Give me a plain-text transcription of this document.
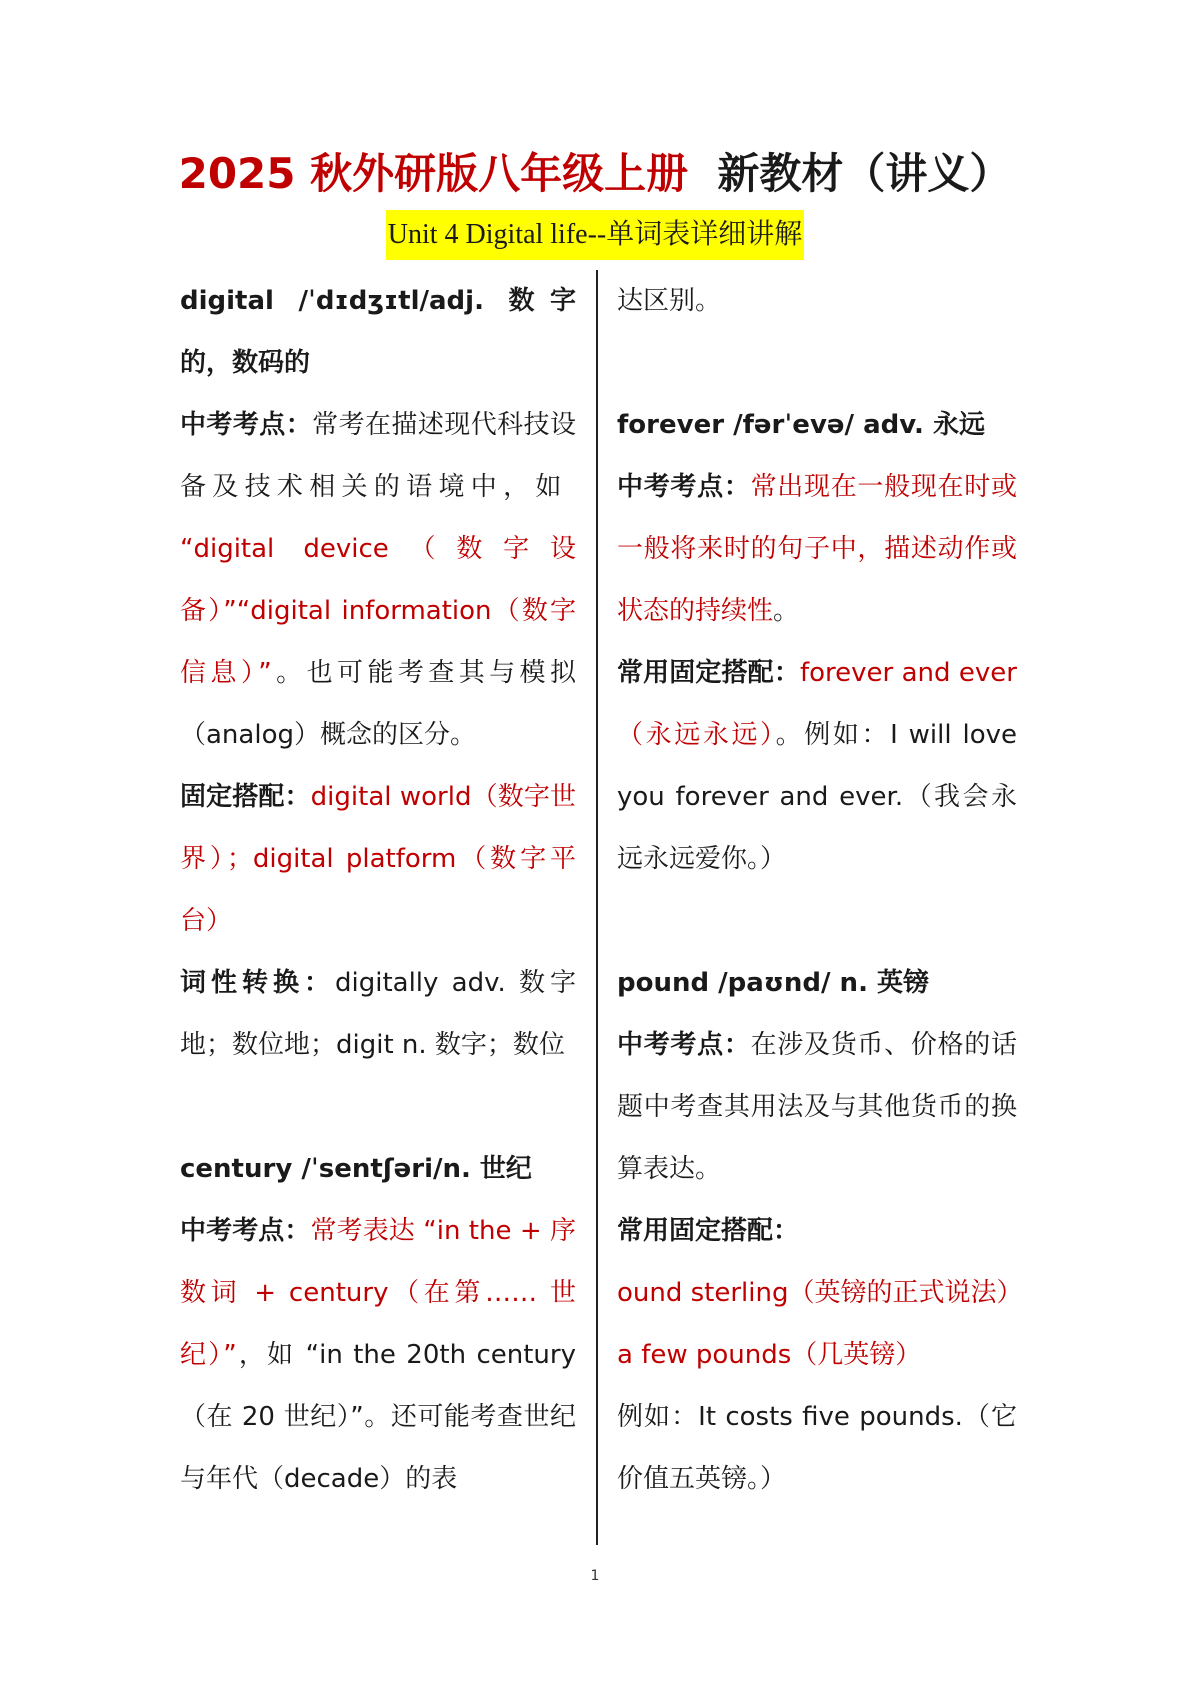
2025 秋外研版八年级上册 新教材（讲义）
Unit 4 Digital life--单词表详细讲解

digital /ˈdɪdʒɪtl/adj. 数字的，数码的

中考考点：常考在描述现代科技设备及技术相关的语境中，如  “digital device（数字设备）”“digital information（数字信息）”。也可能考查其与模拟（analog）概念的区分。

固定搭配：digital world（数字世界）；digital platform（数字平台）

词性转换：digitally adv. 数字地；数位地；digit n. 数字；数位

century /ˈsentʃəri/n. 世纪

中考考点：常考表达 “in the + 序数词 + century（在第…… 世纪）”，如 “in the 20th century（在 20 世纪）”。还可能考查世纪与年代（decade）的表

达区别。

forever /fərˈevə/ adv. 永远

中考考点：常出现在一般现在时或一般将来时的句子中，描述动作或状态的持续性。

常用固定搭配：forever and ever（永远永远）。例如：I will love you forever and ever.（我会永远永远爱你。）

pound /paʊnd/ n. 英镑

中考考点：在涉及货币、价格的话题中考查其用法及与其他货币的换算表达。

常用固定搭配：

ound sterling（英镑的正式说法）

a few pounds（几英镑）

例如：It costs five pounds.（它价值五英镑。）

1
